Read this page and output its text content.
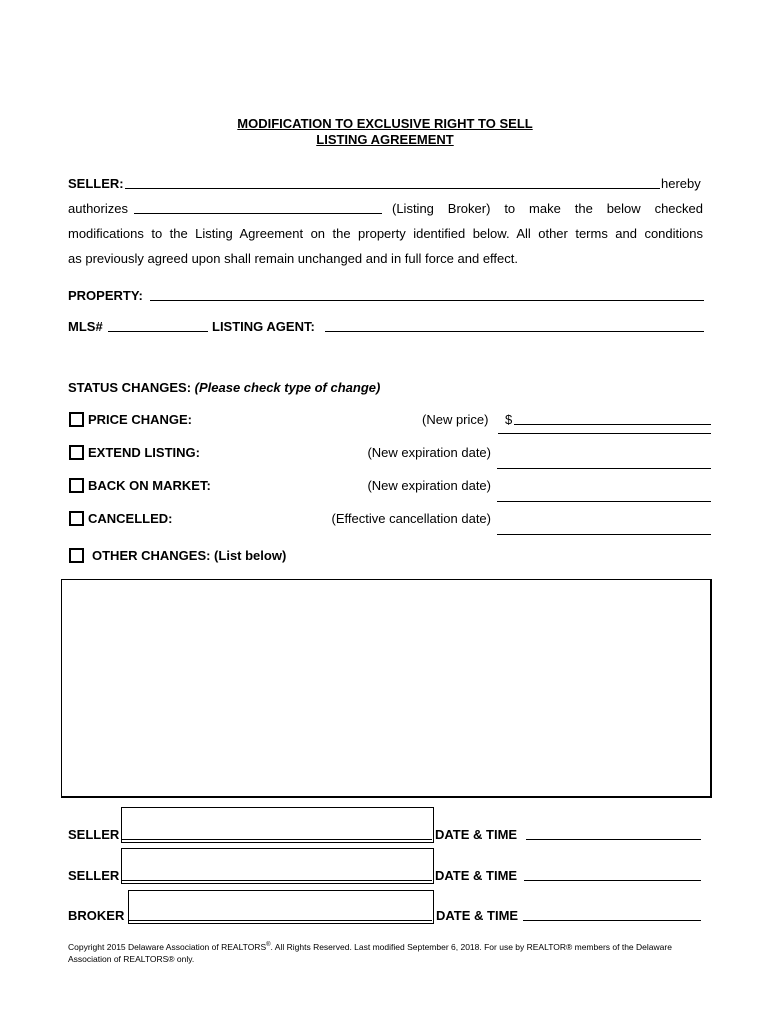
MODIFICATION TO EXCLUSIVE RIGHT TO SELL
LISTING AGREEMENT
SELLER:	hereby
authorizes	(Listing Broker) to make the below checked
modifications to the Listing Agreement on the property identified below. All other terms and conditions
as previously agreed upon shall remain unchanged and in full force and effect.
PROPERTY:
MLS#	LISTING AGENT:
STATUS CHANGES: (Please check type of change)
PRICE CHANGE:	(New price) $
EXTEND LISTING:	(New expiration date)
BACK ON MARKET:	(New expiration date)
CANCELLED:	(Effective cancellation date)
OTHER CHANGES: (List below)
SELLER	DATE & TIME
SELLER	DATE & TIME
BROKER	DATE & TIME
Copyright 2015 Delaware Association of REALTORS®. All Rights Reserved. Last modified September 6, 2018. For use by REALTOR® members of the Delaware
Association of REALTORS® only.
